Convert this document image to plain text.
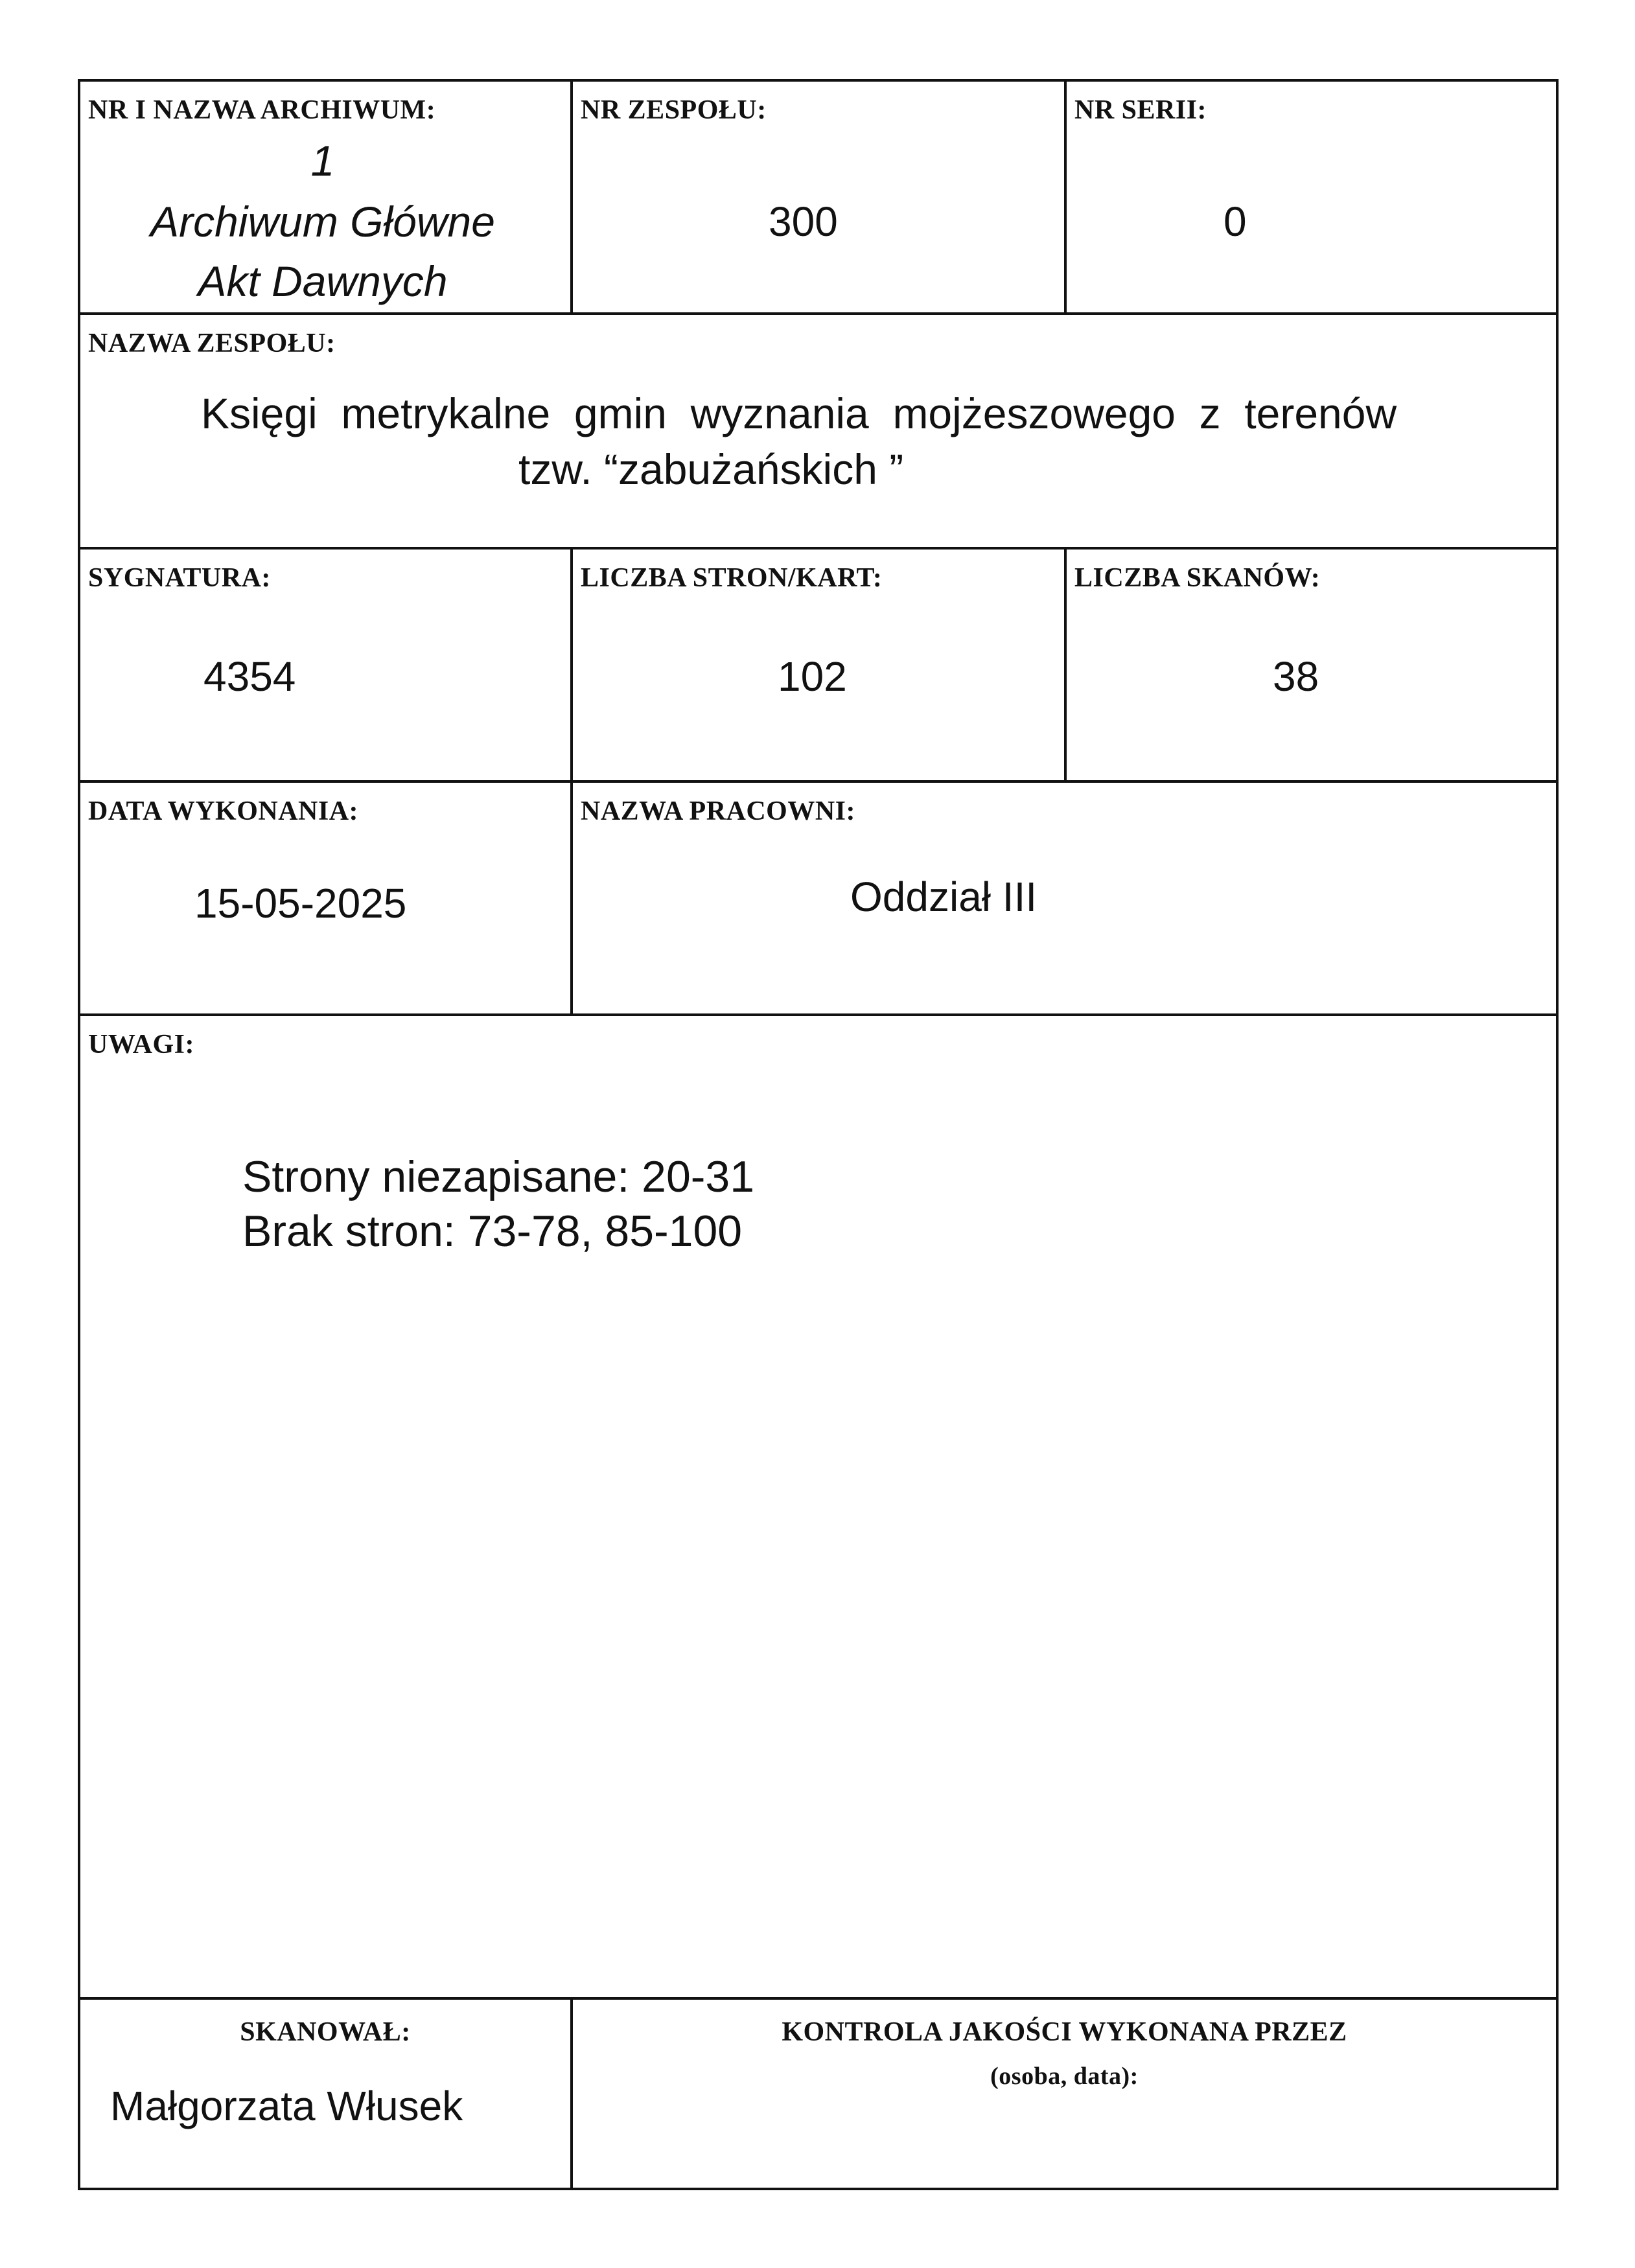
NR I NAZWA ARCHIWUM:
1
Archiwum Główne
Akt Dawnych
NR ZESPOŁU:
300
NR SERII:
0
NAZWA ZESPOŁU:
Księgi  metrykalne  gmin  wyznania  mojżeszowego  z  terenów
tzw. “zabużańskich ”
SYGNATURA:
4354
LICZBA STRON/KART:
102
LICZBA SKANÓW:
38
DATA WYKONANIA:
15-05-2025
NAZWA PRACOWNI:
Oddział III
UWAGI:
Strony niezapisane: 20-31
Brak stron: 73-78, 85-100
SKANOWAŁ:
Małgorzata Włusek
KONTROLA JAKOŚCI WYKONANA PRZEZ
(osoba, data):
